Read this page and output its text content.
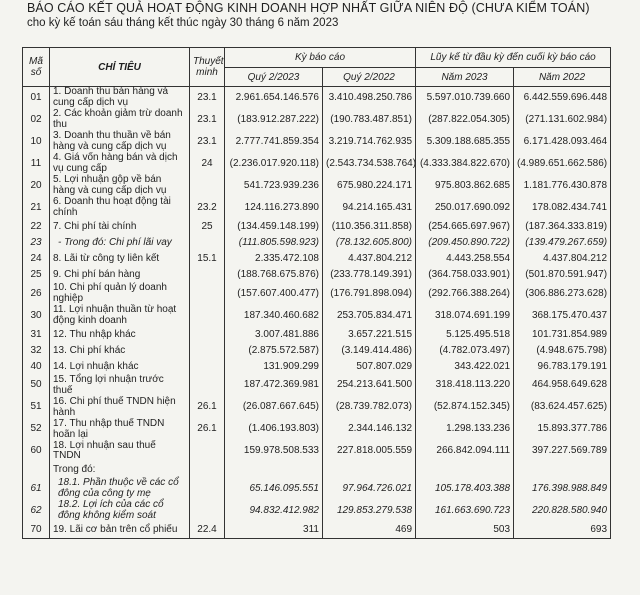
BÁO CÁO KẾT QUẢ HOẠT ĐỘNG KINH DOANH HỢP NHẤT GIỮA NIÊN ĐỘ (CHƯA KIỂM TOÁN)
cho kỳ kế toán sáu tháng kết thúc ngày 30 tháng 6 năm 2023
Mã số	CHỈ TIÊU	Thuyết minh	Kỳ báo cáo		Lũy kế từ đầu kỳ đến cuối kỳ báo cáo	
			Quý 2/2023	Quý 2/2022	Năm 2023	Năm 2022
01	1. Doanh thu bán hàng và cung cấp dịch vụ	23.1	2.961.654.146.576	3.410.498.250.786	5.597.010.739.660	6.442.559.696.448
02	2. Các khoản giảm trừ doanh thu	23.1	(183.912.287.222)	(190.783.487.851)	(287.822.054.305)	(271.131.602.984)
10	3. Doanh thu thuần về bán hàng và cung cấp dịch vụ	23.1	2.777.741.859.354	3.219.714.762.935	5.309.188.685.355	6.171.428.093.464
11	4. Giá vốn hàng bán và dịch vụ cung cấp	24	(2.236.017.920.118)	(2.543.734.538.764)	(4.333.384.822.670)	(4.989.651.662.586)
20	5. Lợi nhuận gộp về bán hàng và cung cấp dịch vụ		541.723.939.236	675.980.224.171	975.803.862.685	1.181.776.430.878
21	6. Doanh thu hoạt động tài chính	23.2	124.116.273.890	94.214.165.431	250.017.690.092	178.082.434.741
22	7. Chi phí tài chính	25	(134.459.148.199)	(110.356.311.858)	(254.665.697.967)	(187.364.333.819)
23	- Trong đó: Chi phí lãi vay		(111.805.598.923)	(78.132.605.800)	(209.450.890.722)	(139.479.267.659)
24	8. Lãi từ công ty liên kết	15.1	2.335.472.108	4.437.804.212	4.443.258.554	4.437.804.212
25	9. Chi phí bán hàng		(188.768.675.876)	(233.778.149.391)	(364.758.033.901)	(501.870.591.947)
26	10. Chi phí quản lý doanh nghiệp		(157.607.400.477)	(176.791.898.094)	(292.766.388.264)	(306.886.273.628)
30	11. Lợi nhuận thuần từ hoạt động kinh doanh		187.340.460.682	253.705.834.471	318.074.691.199	368.175.470.437
31	12. Thu nhập khác		3.007.481.886	3.657.221.515	5.125.495.518	101.731.854.989
32	13. Chi phí khác		(2.875.572.587)	(3.149.414.486)	(4.782.073.497)	(4.948.675.798)
40	14. Lợi nhuận khác		131.909.299	507.807.029	343.422.021	96.783.179.191
50	15. Tổng lợi nhuận trước thuế		187.472.369.981	254.213.641.500	318.418.113.220	464.958.649.628
51	16. Chi phí thuế TNDN hiện hành	26.1	(26.087.667.645)	(28.739.782.073)	(52.874.152.345)	(83.624.457.625)
52	17. Thu nhập thuế TNDN hoãn lại	26.1	(1.406.193.803)	2.344.146.132	1.298.133.236	15.893.377.786
60	18. Lợi nhuận sau thuế TNDN		159.978.508.533	227.818.005.559	266.842.094.111	397.227.569.789
	Trong đó:					
61	18.1. Phần thuộc về các cổ đông của công ty mẹ		65.146.095.551	97.964.726.021	105.178.403.388	176.398.988.849
62	18.2. Lợi ích của các cổ đông không kiểm soát		94.832.412.982	129.853.279.538	161.663.690.723	220.828.580.940
70	19. Lãi cơ bản trên cổ phiếu	22.4	311	469	503	693
